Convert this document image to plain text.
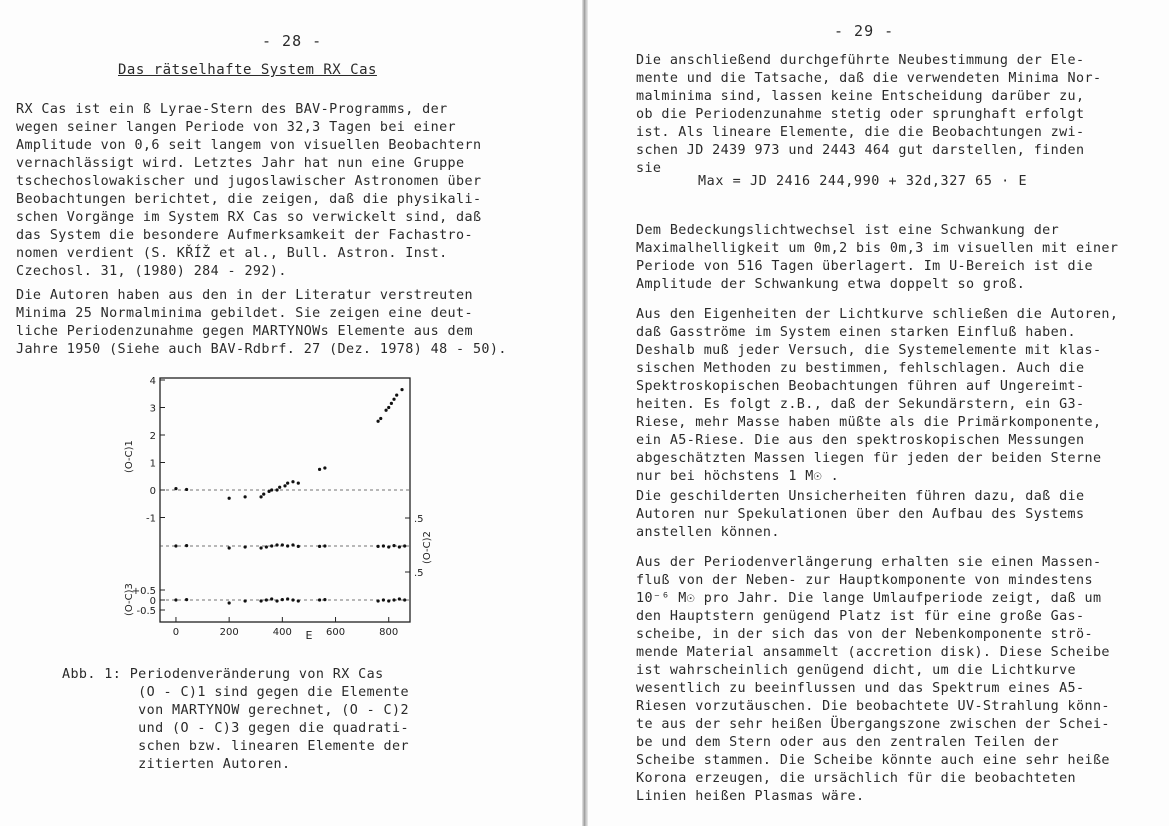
- 28 -
Das rätselhafte System RX Cas
RX Cas ist ein ß Lyrae-Stern des BAV-Programms, der
wegen seiner langen Periode von 32,3 Tagen bei einer
Amplitude von 0,6 seit langem von visuellen Beobachtern
vernachlässigt wird. Letztes Jahr hat nun eine Gruppe
tschechoslowakischer und jugoslawischer Astronomen über
Beobachtungen berichtet, die zeigen, daß die physikali-
schen Vorgänge im System RX Cas so verwickelt sind, daß
das System die besondere Aufmerksamkeit der Fachastro-
nomen verdient (S. KŘÍŽ et al., Bull. Astron. Inst.
Czechosl. 31, (1980) 284 - 292).
Die Autoren haben aus den in der Literatur verstreuten
Minima 25 Normalminima gebildet. Sie zeigen eine deut-
liche Periodenzunahme gegen MARTYNOWs Elemente aus dem
Jahre 1950 (Siehe auch BAV-Rdbrf. 27 (Dez. 1978) 48 - 50).
4
3
2
1
0
-1
(O-C)1
+0.5
0
-0.5
(O-C)3
.5
.5
(O-C)2
0	200	400	600	800
E
Abb. 1: Periodenveränderung von RX Cas
(O - C)1 sind gegen die Elemente
von MARTYNOW gerechnet, (O - C)2
und (O - C)3 gegen die quadrati-
schen bzw. linearen Elemente der
zitierten Autoren.
- 29 -
Die anschließend durchgeführte Neubestimmung der Ele-
mente und die Tatsache, daß die verwendeten Minima Nor-
malminima sind, lassen keine Entscheidung darüber zu,
ob die Periodenzunahme stetig oder sprunghaft erfolgt
ist. Als lineare Elemente, die die Beobachtungen zwi-
schen JD 2439 973 und 2443 464 gut darstellen, finden
sie
Max = JD 2416 244,990 + 32d,327 65 · E
Dem Bedeckungslichtwechsel ist eine Schwankung der
Maximalhelligkeit um 0m,2 bis 0m,3 im visuellen mit einer
Periode von 516 Tagen überlagert. Im U-Bereich ist die
Amplitude der Schwankung etwa doppelt so groß.
Aus den Eigenheiten der Lichtkurve schließen die Autoren,
daß Gasströme im System einen starken Einfluß haben.
Deshalb muß jeder Versuch, die Systemelemente mit klas-
sischen Methoden zu bestimmen, fehlschlagen. Auch die
Spektroskopischen Beobachtungen führen auf Ungereimt-
heiten. Es folgt z.B., daß der Sekundärstern, ein G3-
Riese, mehr Masse haben müßte als die Primärkomponente,
ein A5-Riese. Die aus den spektroskopischen Messungen
abgeschätzten Massen liegen für jeden der beiden Sterne
nur bei höchstens 1 M☉ .
Die geschilderten Unsicherheiten führen dazu, daß die
Autoren nur Spekulationen über den Aufbau des Systems
anstellen können.
Aus der Periodenverlängerung erhalten sie einen Massen-
fluß von der Neben- zur Hauptkomponente von mindestens
10⁻⁶ M☉ pro Jahr. Die lange Umlaufperiode zeigt, daß um
den Hauptstern genügend Platz ist für eine große Gas-
scheibe, in der sich das von der Nebenkomponente strö-
mende Material ansammelt (accretion disk). Diese Scheibe
ist wahrscheinlich genügend dicht, um die Lichtkurve
wesentlich zu beeinflussen und das Spektrum eines A5-
Riesen vorzutäuschen. Die beobachtete UV-Strahlung könn-
te aus der sehr heißen Übergangszone zwischen der Schei-
be und dem Stern oder aus den zentralen Teilen der
Scheibe stammen. Die Scheibe könnte auch eine sehr heiße
Korona erzeugen, die ursächlich für die beobachteten
Linien heißen Plasmas wäre.
